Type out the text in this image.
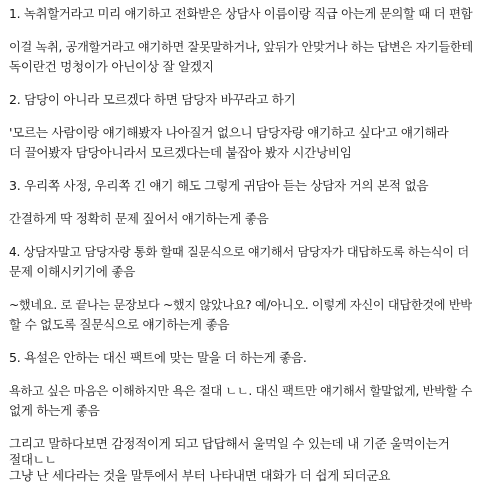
1. 녹취할거라고 미리 얘기하고 전화받은 상담사 이름이랑 직급 아는게 문의할 때 더 편함
이걸 녹취, 공개할거라고 얘기하면 잘못말하거나, 앞뒤가 안맞거나 하는 답변은 자기들한테
독이란건 멍청이가 아닌이상 잘 알겠지
2. 담당이 아니라 모르겠다 하면 담당자 바꾸라고 하기
'모르는 사람이랑 얘기해봤자 나아질거 없으니 담당자랑 얘기하고 싶다'고 얘기해라
더 끌어봤자 담당아니라서 모르겠다는데 붙잡아 봤자 시간낭비임
3. 우리쪽 사정, 우리쪽 긴 얘기 해도 그렇게 귀담아 듣는 상담자 거의 본적 없음
간결하게 딱 정확히 문제 짚어서 얘기하는게 좋음
4. 상담자말고 담당자랑 통화 할때 질문식으로 얘기해서 담당자가 대답하도록 하는식이 더
문제 이해시키기에 좋음
~했네요. 로 끝나는 문장보다 ~했지 않았나요? 예/아니오. 이렇게 자신이 대답한것에 반박
할 수 없도록 질문식으로 얘기하는게 좋음
5. 욕설은 안하는 대신 팩트에 맞는 말을 더 하는게 좋음.
욕하고 싶은 마음은 이해하지만 욕은 절대 ㄴㄴ. 대신 팩트만 얘기해서 할말없게, 반박할 수
없게 하는게 좋음
그리고 말하다보면 감정적이게 되고 답답해서 울먹일 수 있는데 내 기준 울먹이는거
절대ㄴㄴ
그냥 난 세다라는 것을 말투에서 부터 나타내면 대화가 더 쉽게 되더군요
